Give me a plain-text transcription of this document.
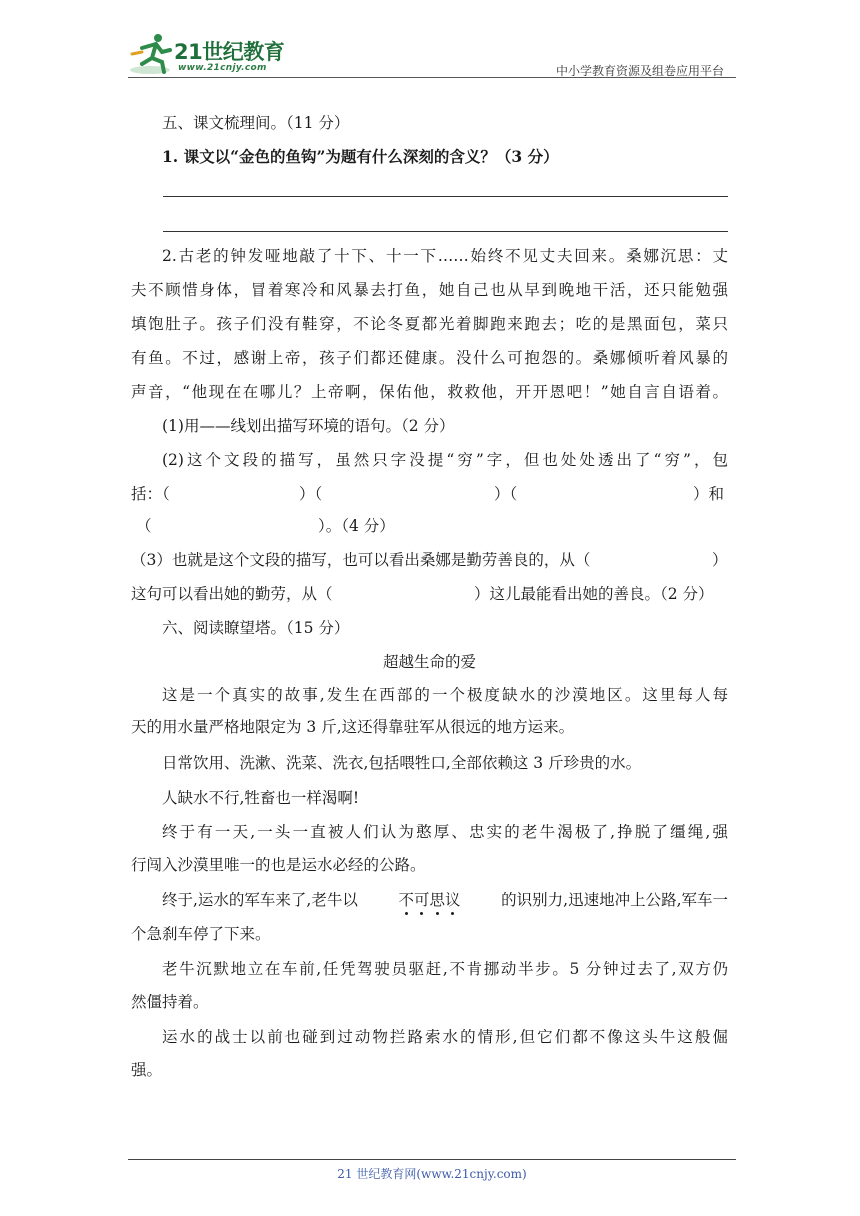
21世纪教育
www.21cnjy.com	中小学教育资源及组卷应用平台
五、课文梳理间。（11 分）
1. 课文以“金色的鱼钩”为题有什么深刻的含义？（3 分）
2.古老的钟发哑地敲了十下、十一下……始终不见丈夫回来。桑娜沉思：丈
夫不顾惜身体，冒着寒冷和风暴去打鱼，她自己也从早到晚地干活，还只能勉强
填饱肚子。孩子们没有鞋穿，不论冬夏都光着脚跑来跑去；吃的是黑面包，菜只
有鱼。不过，感谢上帝，孩子们都还健康。没什么可抱怨的。桑娜倾听着风暴的
声音，“他现在在哪儿？上帝啊，保佑他，救救他，开开恩吧！”她自言自语着。
(1)用——线划出描写环境的语句。（2 分）
(2)这个文段的描写，虽然只字没提“穷”字，但也处处透出了“穷”，包
括：（	）（	）（	）和
（	）。（4 分）
（3）也就是这个文段的描写，也可以看出桑娜是勤劳善良的，从（	）
这句可以看出她的勤劳，从（	）这儿最能看出她的善良。（2 分）
六、阅读瞭望塔。（15 分）
超越生命的爱
这是一个真实的故事,发生在西部的一个极度缺水的沙漠地区。这里每人每
天的用水量严格地限定为 3 斤,这还得靠驻军从很远的地方运来。
日常饮用、洗漱、洗菜、洗衣,包括喂牲口,全部依赖这 3 斤珍贵的水。
人缺水不行,牲畜也一样渴啊!
终于有一天,一头一直被人们认为憨厚、忠实的老牛渴极了,挣脱了缰绳,强
行闯入沙漠里唯一的也是运水必经的公路。
终于,运水的军车来了,老牛以	不可思议	的识别力,迅速地冲上公路,军车一
个急刹车停了下来。
老牛沉默地立在车前,任凭驾驶员驱赶,不肯挪动半步。5 分钟过去了,双方仍
然僵持着。
运水的战士以前也碰到过动物拦路索水的情形,但它们都不像这头牛这般倔
强。
21 世纪教育网(www.21cnjy.com)
